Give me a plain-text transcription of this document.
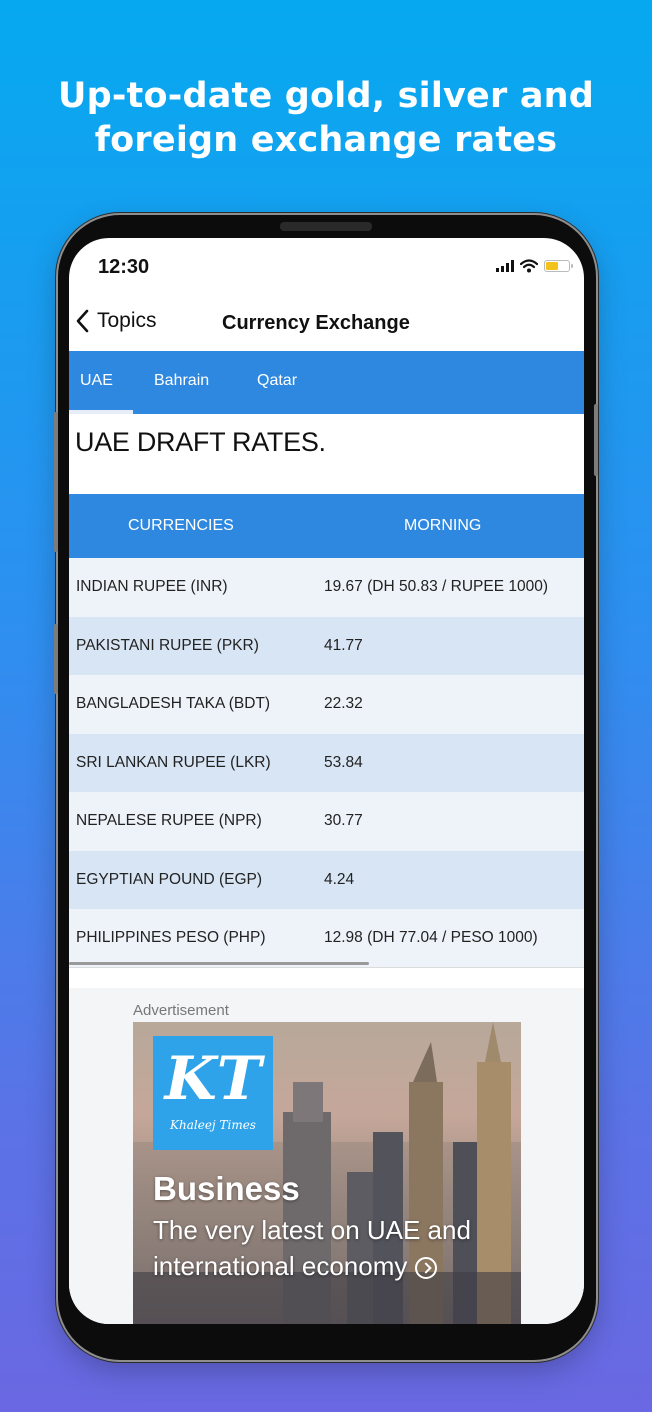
Up-to-date gold, silver and
foreign exchange rates
12:30
Topics	Currency Exchange
UAE	Bahrain	Qatar
UAE DRAFT RATES.
CURRENCIES	MORNING
INDIAN RUPEE (INR)	19.67 (DH 50.83 / RUPEE 1000)
PAKISTANI RUPEE (PKR)	41.77
BANGLADESH TAKA (BDT)	22.32
SRI LANKAN RUPEE (LKR)	53.84
NEPALESE RUPEE (NPR)	30.77
EGYPTIAN POUND (EGP)	4.24
PHILIPPINES PESO (PHP)	12.98 (DH 77.04 / PESO 1000)
Advertisement
KT
Khaleej Times
Business
The very latest on UAE and international economy
